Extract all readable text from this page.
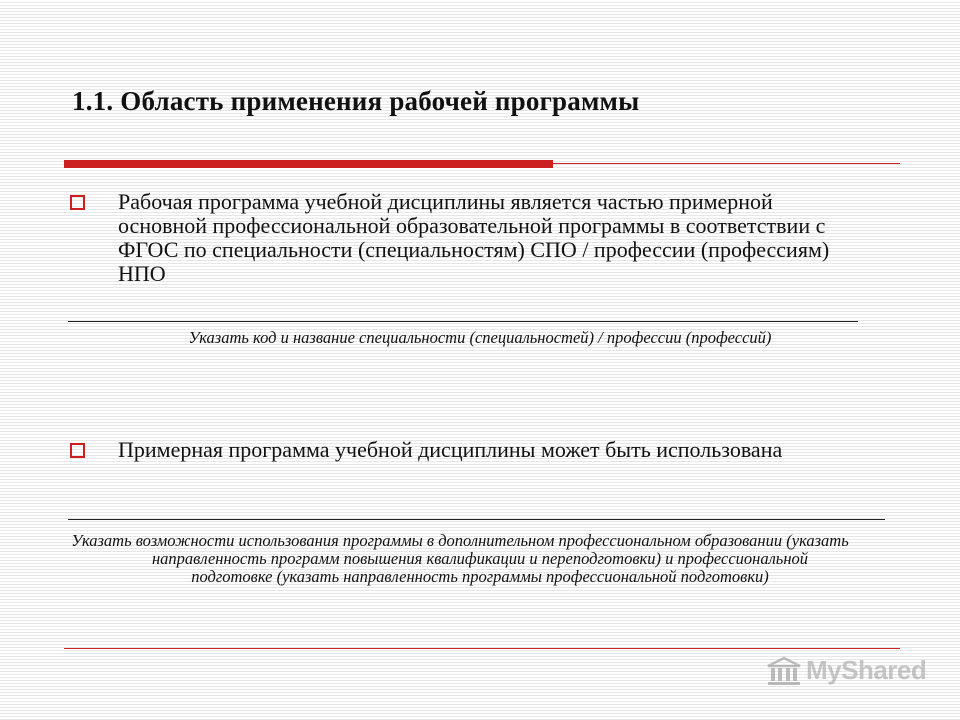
1.1. Область применения рабочей программы

Рабочая программа учебной дисциплины является частью примерной основной профессиональной образовательной программы в соответствии с ФГОС по специальности (специальностям) СПО / профессии (профессиям) НПО

Указать код и название специальности (специальностей) / профессии (профессий)

Примерная программа учебной дисциплины может быть использована

Указать возможности использования программы в дополнительном профессиональном образовании (указать направленность программ повышения квалификации и переподготовки) и профессиональной подготовке (указать направленность программы профессиональной подготовки)

MyShared
